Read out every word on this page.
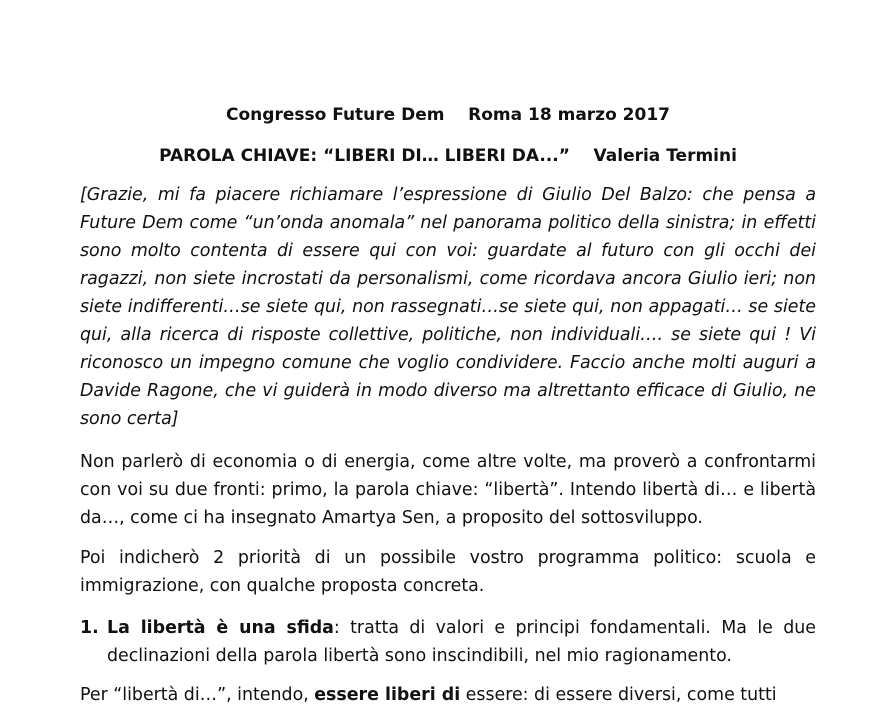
Congresso Future Dem    Roma 18 marzo 2017
PAROLA CHIAVE: “LIBERI DI… LIBERI DA...”    Valeria Termini
[Grazie, mi fa piacere richiamare l’espressione di Giulio Del Balzo: che pensa a Future Dem come “un’onda anomala” nel panorama politico della sinistra; in effetti sono molto contenta di essere qui con voi: guardate al futuro con gli occhi dei ragazzi, non siete incrostati da personalismi, come ricordava ancora Giulio ieri; non siete indifferenti…se siete qui, non rassegnati…se siete qui, non appagati… se siete qui, alla ricerca di risposte collettive, politiche, non individuali…. se siete qui ! Vi riconosco un impegno comune che voglio condividere. Faccio anche molti auguri a Davide Ragone, che vi guiderà in modo diverso ma altrettanto efficace di Giulio, ne sono certa]
Non parlerò di economia o di energia, come altre volte, ma proverò a confrontarmi con voi su due fronti: primo, la parola chiave: “libertà”. Intendo libertà di… e libertà da…, come ci ha insegnato Amartya Sen, a proposito del sottosviluppo.
Poi indicherò 2 priorità di un possibile vostro programma politico: scuola e immigrazione, con qualche proposta concreta.
1. La libertà è una sfida: tratta di valori e principi fondamentali. Ma le due declinazioni della parola libertà sono inscindibili, nel mio ragionamento.
Per “libertà di…”, intendo, essere liberi di essere: di essere diversi, come tutti
